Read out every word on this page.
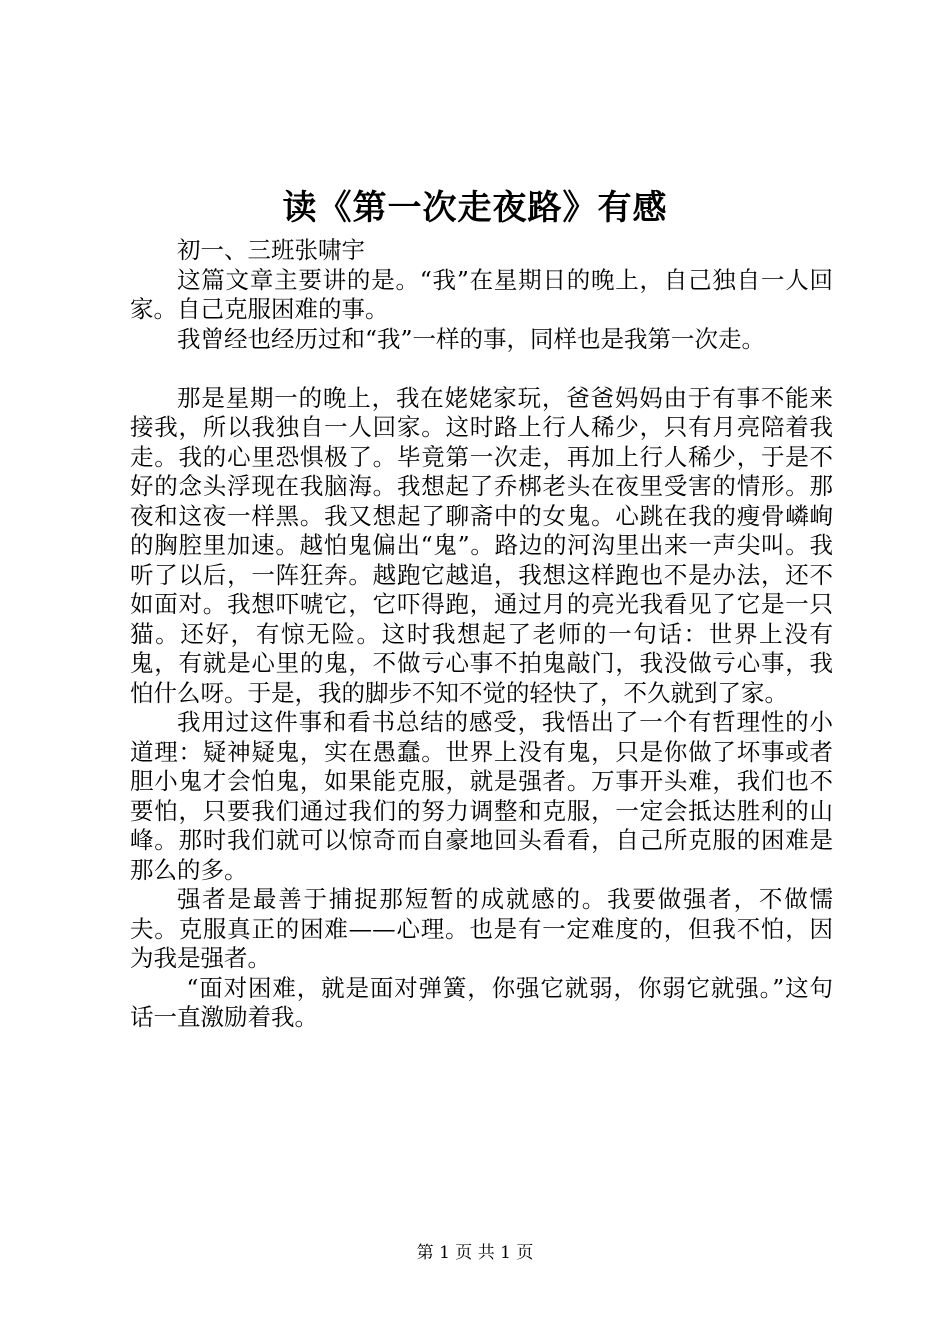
读《第一次走夜路》有感

初一、三班张啸宇

这篇文章主要讲的是。“我”在星期日的晚上，自己独自一人回家。自己克服困难的事。

我曾经也经历过和“我”一样的事，同样也是我第一次走。

那是星期一的晚上，我在姥姥家玩，爸爸妈妈由于有事不能来接我，所以我独自一人回家。这时路上行人稀少，只有月亮陪着我走。我的心里恐惧极了。毕竟第一次走，再加上行人稀少，于是不好的念头浮现在我脑海。我想起了乔梆老头在夜里受害的情形。那夜和这夜一样黑。我又想起了聊斋中的女鬼。心跳在我的瘦骨嶙峋的胸腔里加速。越怕鬼偏出“鬼”。路边的河沟里出来一声尖叫。我听了以后，一阵狂奔。越跑它越追，我想这样跑也不是办法，还不如面对。我想吓唬它，它吓得跑，通过月的亮光我看见了它是一只猫。还好，有惊无险。这时我想起了老师的一句话：世界上没有鬼，有就是心里的鬼，不做亏心事不拍鬼敲门，我没做亏心事，我怕什么呀。于是，我的脚步不知不觉的轻快了，不久就到了家。

我用过这件事和看书总结的感受，我悟出了一个有哲理性的小道理：疑神疑鬼，实在愚蠢。世界上没有鬼，只是你做了坏事或者胆小鬼才会怕鬼，如果能克服，就是强者。万事开头难，我们也不要怕，只要我们通过我们的努力调整和克服，一定会抵达胜利的山峰。那时我们就可以惊奇而自豪地回头看看，自己所克服的困难是那么的多。

强者是最善于捕捉那短暂的成就感的。我要做强者，不做懦夫。克服真正的困难——心理。也是有一定难度的，但我不怕，因为我是强者。

“面对困难，就是面对弹簧，你强它就弱，你弱它就强。”这句话一直激励着我。

第 1 页 共 1 页
